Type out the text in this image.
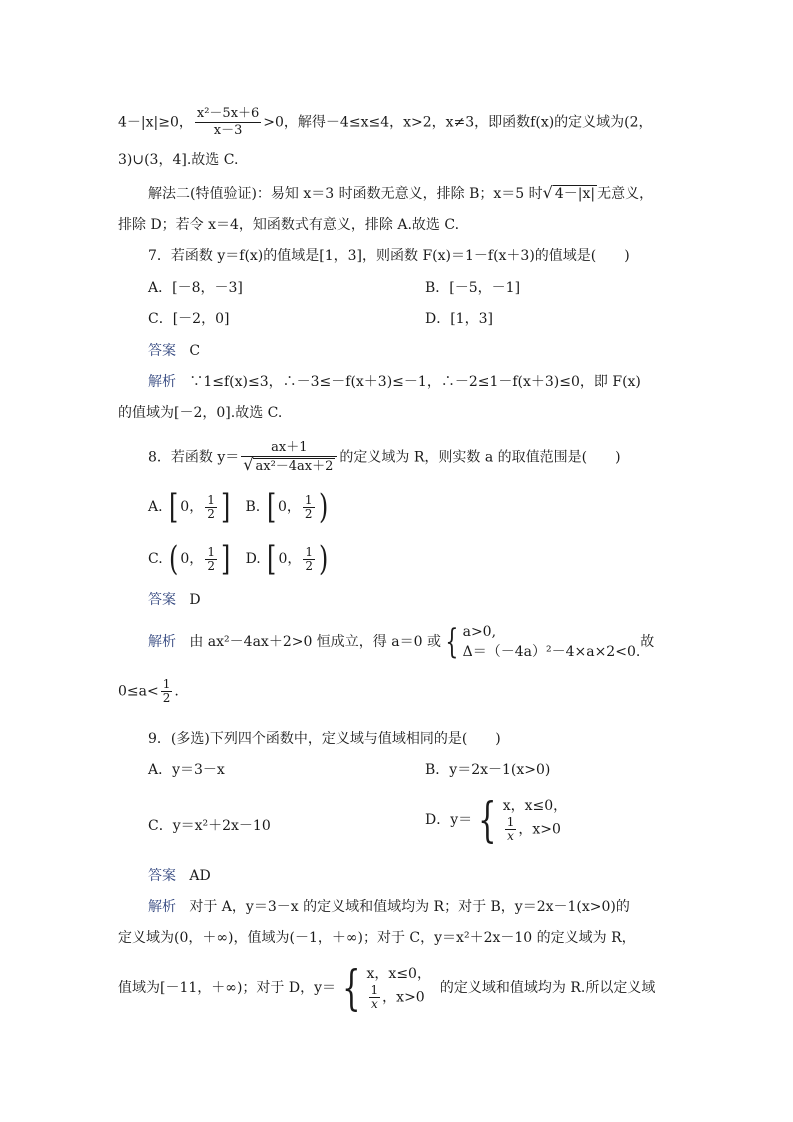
4－|x|≥0， $\frac{\text{x²－5x＋6}}{x-3} >0$，解得－4≤x≤4，x>2，x≠3，即函数f(x)的定义域为(2，
3)∪(3，4].故选 C.
解法二(特值验证)：易知 x＝3 时函数无意义，排除 B；x＝5 时√ 4－|x| 无意义，
排除 D；若令 x＝4，知函数式有意义，排除 A.故选 C.
7．若函数 y＝f(x)的值域是[1，3]，则函数 F(x)＝1－f(x＋3)的值域是(　　)
A．[－8，－3]	B．[－5，－1]
C．[－2，0]	D．[1，3]
答案 C
解析 ∵1≤f(x)≤3，∴－3≤－f(x＋3)≤－1，∴－2≤1－f(x＋3)≤0，即 F(x)
的值域为[－2，0].故选 C.
8．若函数 $y= \frac{ax+1}{\text{√ ax²－4ax＋2}}$ 的定义域为 R，则实数 a 的取值范围是(　　)
A. [ 0， $\frac{1}{2}$ ] B. [ 0， $\frac{1}{2}$ )
C. ( 0， $\frac{1}{2}$ ] D. [ 0， $\frac{1}{2}$ )
答案 D
解析 由 ax²－4ax＋2>0 恒成立，得 a＝0 或 { a>0,
Δ＝（－4a）²－4×a×2<0.
故
$0\le a< \frac{1}{2}$ .
9．(多选)下列四个函数中，定义域与值域相同的是(　　)
A．y＝3－x	B．y＝2x－1(x>0)
C．y＝x²＋2x－10	D．y＝ { x，x≤0，
$\frac{1}{x}$ ，x>0
答案 AD
解析 对于 A，y＝3－x 的定义域和值域均为 R；对于 B，y＝2x－1(x>0)的
定义域为(0，＋∞)，值域为(－1，＋∞)；对于 C，y＝x²＋2x－10 的定义域为 R，
值域为[－11，＋∞)；对于 D，y＝ { x，x≤0，
$\frac{1}{x}$ ，x>0
的定义域和值域均为 R.所以定义域
